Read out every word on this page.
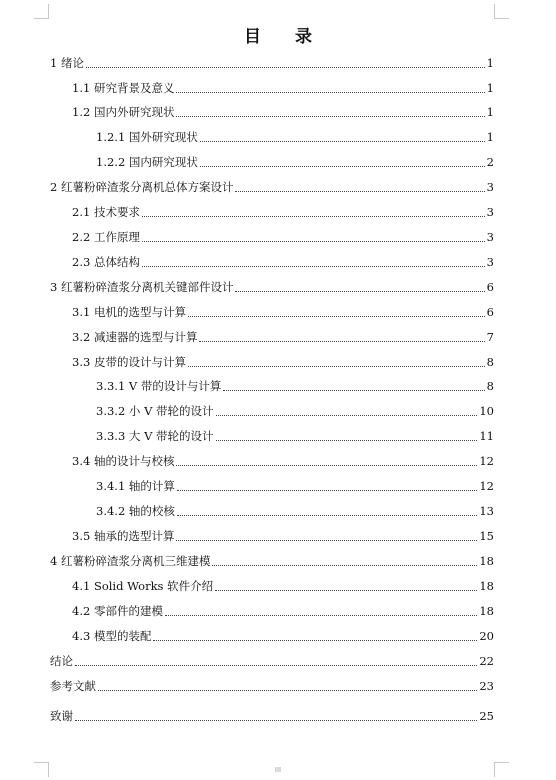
目 录
1 绪论	1
1.1 研究背景及意义	1
1.2 国内外研究现状	1
1.2.1 国外研究现状	1
1.2.2 国内研究现状	2
2 红薯粉碎渣浆分离机总体方案设计	3
2.1 技术要求	3
2.2 工作原理	3
2.3 总体结构	3
3 红薯粉碎渣浆分离机关键部件设计	6
3.1 电机的选型与计算	6
3.2 减速器的选型与计算	7
3.3 皮带的设计与计算	8
3.3.1 V 带的设计与计算	8
3.3.2 小 V 带轮的设计	10
3.3.3 大 V 带轮的设计	11
3.4 轴的设计与校核	12
3.4.1 轴的计算	12
3.4.2 轴的校核	13
3.5 轴承的选型计算	15
4 红薯粉碎渣浆分离机三维建模	18
4.1 Solid Works 软件介绍	18
4.2 零部件的建模	18
4.3 模型的装配	20
结论	22
参考文献	23
致谢	25
III
